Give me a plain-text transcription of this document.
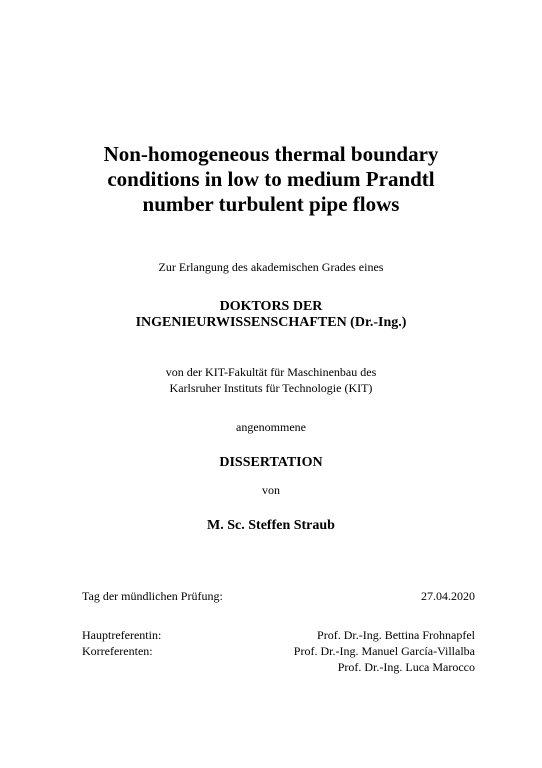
Non-homogeneous thermal boundary
conditions in low to medium Prandtl
number turbulent pipe flows
Zur Erlangung des akademischen Grades eines
DOKTORS DER
INGENIEURWISSENSCHAFTEN (Dr.-Ing.)
von der KIT-Fakultät für Maschinenbau des
Karlsruher Instituts für Technologie (KIT)
angenommene
DISSERTATION
von
M. Sc. Steffen Straub
Tag der mündlichen Prüfung:	27.04.2020
Hauptreferentin:	Prof. Dr.-Ing. Bettina Frohnapfel
Korreferenten:	Prof. Dr.-Ing. Manuel García-Villalba
Prof. Dr.-Ing. Luca Marocco
